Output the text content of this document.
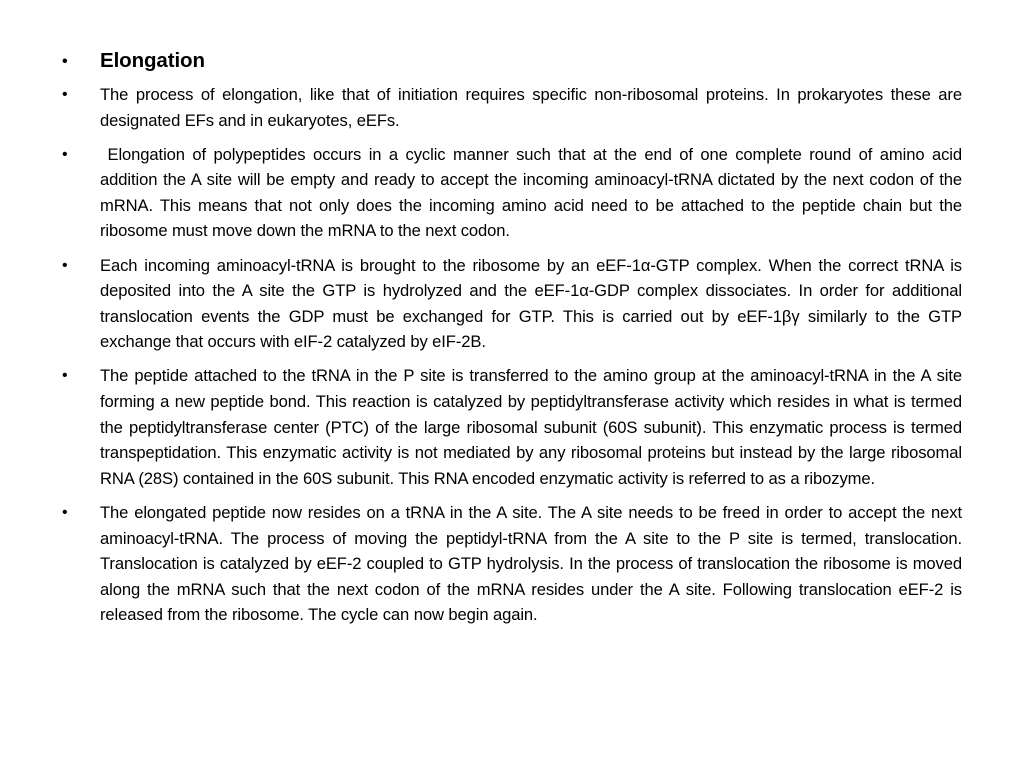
• Elongation
• The process of elongation, like that of initiation requires specific non-ribosomal proteins. In prokaryotes these are designated EFs and in eukaryotes, eEFs.
• Elongation of polypeptides occurs in a cyclic manner such that at the end of one complete round of amino acid addition the A site will be empty and ready to accept the incoming aminoacyl-tRNA dictated by the next codon of the mRNA. This means that not only does the incoming amino acid need to be attached to the peptide chain but the ribosome must move down the mRNA to the next codon.
• Each incoming aminoacyl-tRNA is brought to the ribosome by an eEF-1α-GTP complex. When the correct tRNA is deposited into the A site the GTP is hydrolyzed and the eEF-1α-GDP complex dissociates. In order for additional translocation events the GDP must be exchanged for GTP. This is carried out by eEF-1βγ similarly to the GTP exchange that occurs with eIF-2 catalyzed by eIF-2B.
• The peptide attached to the tRNA in the P site is transferred to the amino group at the aminoacyl-tRNA in the A site forming a new peptide bond. This reaction is catalyzed by peptidyltransferase activity which resides in what is termed the peptidyltransferase center (PTC) of the large ribosomal subunit (60S subunit). This enzymatic process is termed transpeptidation. This enzymatic activity is not mediated by any ribosomal proteins but instead by the large ribosomal RNA (28S) contained in the 60S subunit. This RNA encoded enzymatic activity is referred to as a ribozyme.
• The elongated peptide now resides on a tRNA in the A site. The A site needs to be freed in order to accept the next aminoacyl-tRNA. The process of moving the peptidyl-tRNA from the A site to the P site is termed, translocation. Translocation is catalyzed by eEF-2 coupled to GTP hydrolysis. In the process of translocation the ribosome is moved along the mRNA such that the next codon of the mRNA resides under the A site. Following translocation eEF-2 is released from the ribosome. The cycle can now begin again.
